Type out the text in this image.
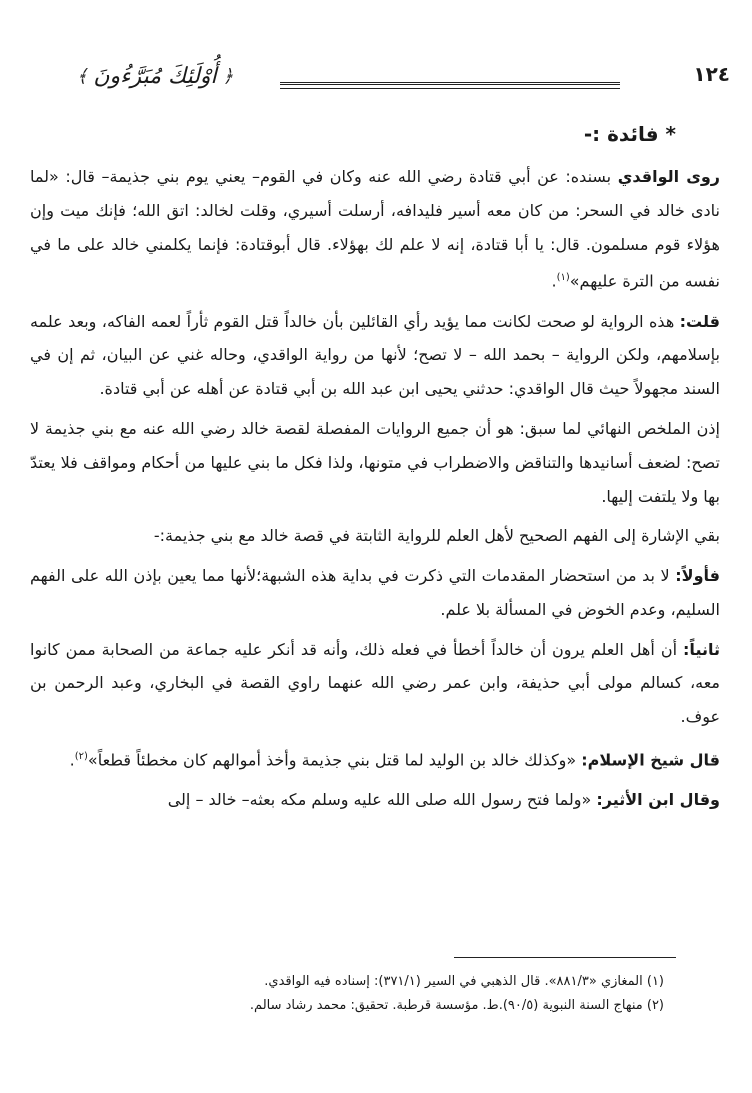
١٢٤
﴿
أُوْلَئِكَ مُبَرَّءُونَ
﴾
* فائدة :-

روى الواقدي بسنده: عن أبي قتادة رضي الله عنه وكان في القوم– يعني يوم بني جذيمة– قال: «لما نادى خالد في السحر: من كان معه أسير فليدافه، أرسلت أسيري، وقلت لخالد: اتق الله؛ فإنك ميت وإن هؤلاء قوم مسلمون. قال: يا أبا قتادة، إنه لا علم لك بهؤلاء. قال أبوقتادة: فإنما يكلمني خالد على ما في نفسه من الترة عليهم»$^{(١)}$.

قلت: هذه الرواية لو صحت لكانت مما يؤيد رأي القائلين بأن خالداً قتل القوم ثأراً لعمه الفاكه، وبعد علمه بإسلامهم، ولكن الرواية – بحمد الله – لا تصح؛ لأنها من رواية الواقدي، وحاله غني عن البيان، ثم إن في السند مجهولاً حيث قال الواقدي: حدثني يحيى ابن عبد الله بن أبي قتادة عن أهله عن أبي قتادة.

إذن الملخص النهائي لما سبق: هو أن جميع الروايات المفصلة لقصة خالد رضي الله عنه مع بني جذيمة لا تصح: لضعف أسانيدها والتناقض والاضطراب في متونها، ولذا فكل ما بني عليها من أحكام ومواقف فلا يعتدّ بها ولا يلتفت إليها.

بقي الإشارة إلى الفهم الصحيح لأهل العلم للرواية الثابتة في قصة خالد مع بني جذيمة:-

فأولاً: لا بد من استحضار المقدمات التي ذكرت في بداية هذه الشبهة؛لأنها مما يعين بإذن الله على الفهم السليم، وعدم الخوض في المسألة بلا علم.

ثانياً: أن أهل العلم يرون أن خالداً أخطأ في فعله ذلك، وأنه قد أنكر عليه جماعة من الصحابة ممن كانوا معه، كسالم مولى أبي حذيفة، وابن عمر رضي الله عنهما راوي القصة في البخاري، وعبد الرحمن بن عوف.

قال شيخ الإسلام: «وكذلك خالد بن الوليد لما قتل بني جذيمة وأخذ أموالهم كان مخطئاً قطعاً»$^{(٢)}$.

وقال ابن الأثير: «ولما فتح رسول الله صلى الله عليه وسلم مكه بعثه– خالد – إلى

(١) المغازي «٨٨١/٣». قال الذهبي في السير (٣٧١/١): إسناده فيه الواقدي.
(٢) منهاج السنة النبوية (٩٠/٥).ط. مؤسسة قرطبة. تحقيق: محمد رشاد سالم.
